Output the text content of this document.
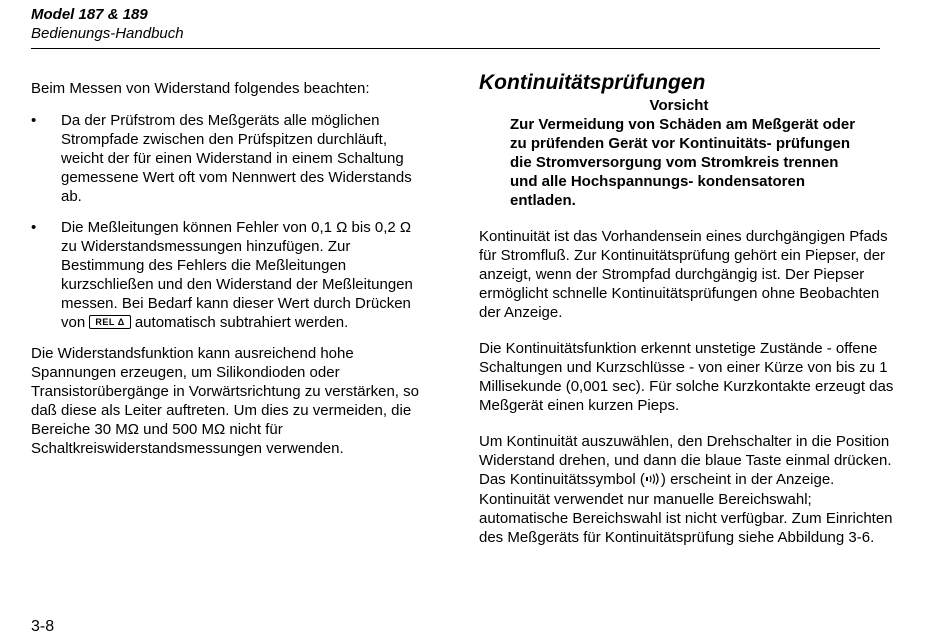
Model 187 & 189
Bedienungs-Handbuch

Beim Messen von Widerstand folgendes beachten:

•	Da der Prüfstrom des Meßgeräts alle möglichen Strompfade zwischen den Prüfspitzen durchläuft, weicht der für einen Widerstand in einem Schaltung gemessene Wert oft vom Nennwert des Widerstands ab.
•	Die Meßleitungen können Fehler von 0,1 Ω bis 0,2 Ω zu Widerstandsmessungen hinzufügen. Zur Bestimmung des Fehlers die Meßleitungen kurzschließen und den Widerstand der Meßleitungen messen. Bei Bedarf kann dieser Wert durch Drücken von REL Δ automatisch subtrahiert werden.

Die Widerstandsfunktion kann ausreichend hohe Spannungen erzeugen, um Silikondioden oder Transistorübergänge in Vorwärtsrichtung zu verstärken, so daß diese als Leiter auftreten. Um dies zu vermeiden, die Bereiche 30 MΩ und 500 MΩ nicht für Schaltkreiswiderstandsmessungen verwenden.

Kontinuitätsprüfungen

Vorsicht

Zur Vermeidung von Schäden am Meßgerät oder zu prüfenden Gerät vor Kontinuitäts- prüfungen die Stromversorgung vom Stromkreis trennen und alle Hochspannungs- kondensatoren entladen.

Kontinuität ist das Vorhandensein eines durchgängigen Pfads für Stromfluß. Zur Kontinuitätsprüfung gehört ein Piepser, der anzeigt, wenn der Strompfad durchgängig ist. Der Piepser ermöglicht schnelle Kontinuitätsprüfungen ohne Beobachten der Anzeige.

Die Kontinuitätsfunktion erkennt unstetige Zustände - offene Schaltungen und Kurzschlüsse - von einer Kürze von bis zu 1 Millisekunde (0,001 sec). Für solche Kurzkontakte erzeugt das Meßgerät einen kurzen Pieps.

Um Kontinuität auszuwählen, den Drehschalter in die Position Widerstand drehen, und dann die blaue Taste einmal drücken. Das Kontinuitätssymbol ( ) erscheint in der Anzeige. Kontinuität verwendet nur manuelle Bereichswahl; automatische Bereichswahl ist nicht verfügbar. Zum Einrichten des Meßgeräts für Kontinuitätsprüfung siehe Abbildung 3-6.

3-8
